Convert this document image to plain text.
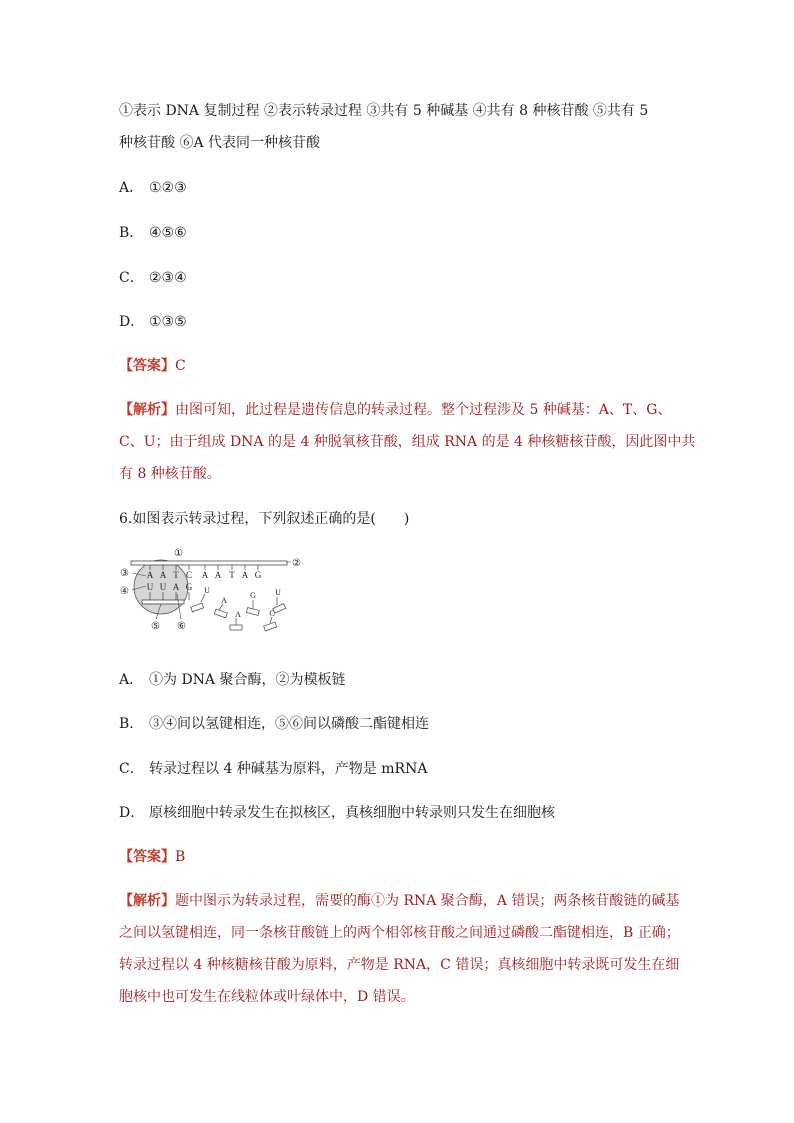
①表示 DNA 复制过程 ②表示转录过程 ③共有 5 种碱基 ④共有 8 种核苷酸 ⑤共有 5
种核苷酸 ⑥A 代表同一种核苷酸
A． ①②③
B． ④⑤⑥
C． ②③④
D． ①③⑤
【答案】C
【解析】由图可知，此过程是遗传信息的转录过程。整个过程涉及 5 种碱基：A、T、G、
C、U；由于组成 DNA 的是 4 种脱氧核苷酸，组成 RNA 的是 4 种核糖核苷酸，因此图中共
有 8 种核苷酸。
6.如图表示转录过程，下列叙述正确的是(　　)
A A T C A A T A G
U U A G U
A
G U
A	C
①
②
③
④
⑤ ⑥
A． ①为 DNA 聚合酶，②为模板链
B． ③④间以氢键相连，⑤⑥间以磷酸二酯键相连
C． 转录过程以 4 种碱基为原料，产物是 mRNA
D． 原核细胞中转录发生在拟核区，真核细胞中转录则只发生在细胞核
【答案】B
【解析】题中图示为转录过程，需要的酶①为 RNA 聚合酶，A 错误；两条核苷酸链的碱基
之间以氢键相连，同一条核苷酸链上的两个相邻核苷酸之间通过磷酸二酯键相连，B 正确；
转录过程以 4 种核糖核苷酸为原料，产物是 RNA，C 错误；真核细胞中转录既可发生在细
胞核中也可发生在线粒体或叶绿体中，D 错误。
